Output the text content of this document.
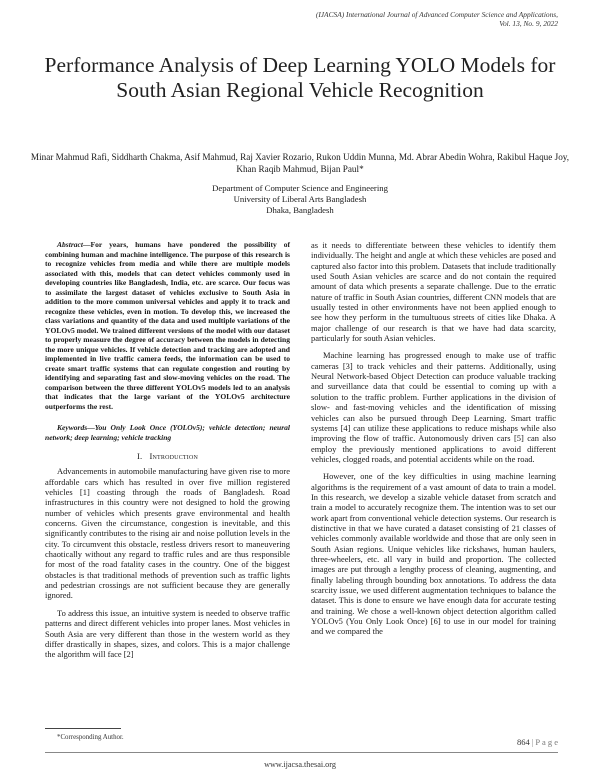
(IJACSA) International Journal of Advanced Computer Science and Applications,
Vol. 13, No. 9, 2022
Performance Analysis of Deep Learning YOLO Models for South Asian Regional Vehicle Recognition
Minar Mahmud Rafi, Siddharth Chakma, Asif Mahmud, Raj Xavier Rozario, Rukon Uddin Munna, Md. Abrar Abedin Wohra, Rakibul Haque Joy, Khan Raqib Mahmud, Bijan Paul*
Department of Computer Science and Engineering
University of Liberal Arts Bangladesh
Dhaka, Bangladesh

Abstract—For years, humans have pondered the possibility of combining human and machine intelligence. The purpose of this research is to recognize vehicles from media and while there are multiple models associated with this, models that can detect vehicles commonly used in developing countries like Bangladesh, India, etc. are scarce. Our focus was to assimilate the largest dataset of vehicles exclusive to South Asia in addition to the more common universal vehicles and apply it to track and recognize these vehicles, even in motion. To develop this, we increased the class variations and quantity of the data and used multiple variations of the YOLOv5 model. We trained different versions of the model with our dataset to properly measure the degree of accuracy between the models in detecting the more unique vehicles. If vehicle detection and tracking are adopted and implemented in live traffic camera feeds, the information can be used to create smart traffic systems that can regulate congestion and routing by identifying and separating fast and slow-moving vehicles on the road. The comparison between the three different YOLOv5 models led to an analysis that indicates that the large variant of the YOLOv5 architecture outperforms the rest.

Keywords—You Only Look Once (YOLOv5); vehicle detection; neural network; deep learning; vehicle tracking

I. Introduction

Advancements in automobile manufacturing have given rise to more affordable cars which has resulted in over five million registered vehicles [1] coasting through the roads of Bangladesh. Road infrastructures in this country were not designed to hold the growing number of vehicles which presents grave environmental and health concerns. Given the circumstance, congestion is inevitable, and this significantly contributes to the rising air and noise pollution levels in the city. To circumvent this obstacle, restless drivers resort to maneuvering chaotically without any regard to traffic rules and are thus responsible for most of the road fatality cases in the country. One of the biggest obstacles is that traditional methods of prevention such as traffic lights and pedestrian crossings are not sufficient because they are generally ignored.

To address this issue, an intuitive system is needed to observe traffic patterns and direct different vehicles into proper lanes. Most vehicles in South Asia are very different than those in the western world as they differ drastically in shapes, sizes, and colors. This is a major challenge the algorithm will face [2]

as it needs to differentiate between these vehicles to identify them individually. The height and angle at which these vehicles are posed and captured also factor into this problem. Datasets that include traditionally used South Asian vehicles are scarce and do not contain the required amount of data which presents a separate challenge. Due to the erratic nature of traffic in South Asian countries, different CNN models that are usually tested in other environments have not been applied enough to see how they perform in the tumultuous streets of cities like Dhaka. A major challenge of our research is that we have had data scarcity, particularly for south Asian vehicles.

Machine learning has progressed enough to make use of traffic cameras [3] to track vehicles and their patterns. Additionally, using Neural Network-based Object Detection can produce valuable tracking and surveillance data that could be essential to coming up with a solution to the traffic problem. Further applications in the division of slow- and fast-moving vehicles and the identification of missing vehicles can also be pursued through Deep Learning. Smart traffic systems [4] can utilize these applications to reduce mishaps while also improving the flow of traffic. Autonomously driven cars [5] can also employ the previously mentioned applications to avoid different vehicles, clogged roads, and potential accidents while on the road.

However, one of the key difficulties in using machine learning algorithms is the requirement of a vast amount of data to train a model. In this research, we develop a sizable vehicle dataset from scratch and train a model to accurately recognize them. The intention was to set our work apart from conventional vehicle detection systems. Our research is distinctive in that we have curated a dataset consisting of 21 classes of vehicles commonly available worldwide and those that are only seen in South Asian regions. Unique vehicles like rickshaws, human haulers, three-wheelers, etc. all vary in build and proportion. The collected images are put through a lengthy process of cleaning, augmenting, and finally labeling through bounding box annotations. To address the data scarcity issue, we used different augmentation techniques to balance the dataset. This is done to ensure we have enough data for accurate testing and training. We chose a well-known object detection algorithm called YOLOv5 (You Only Look Once) [6] to use in our model for training and we compared the

*Corresponding Author.	864 | P a g e
www.ijacsa.thesai.org
